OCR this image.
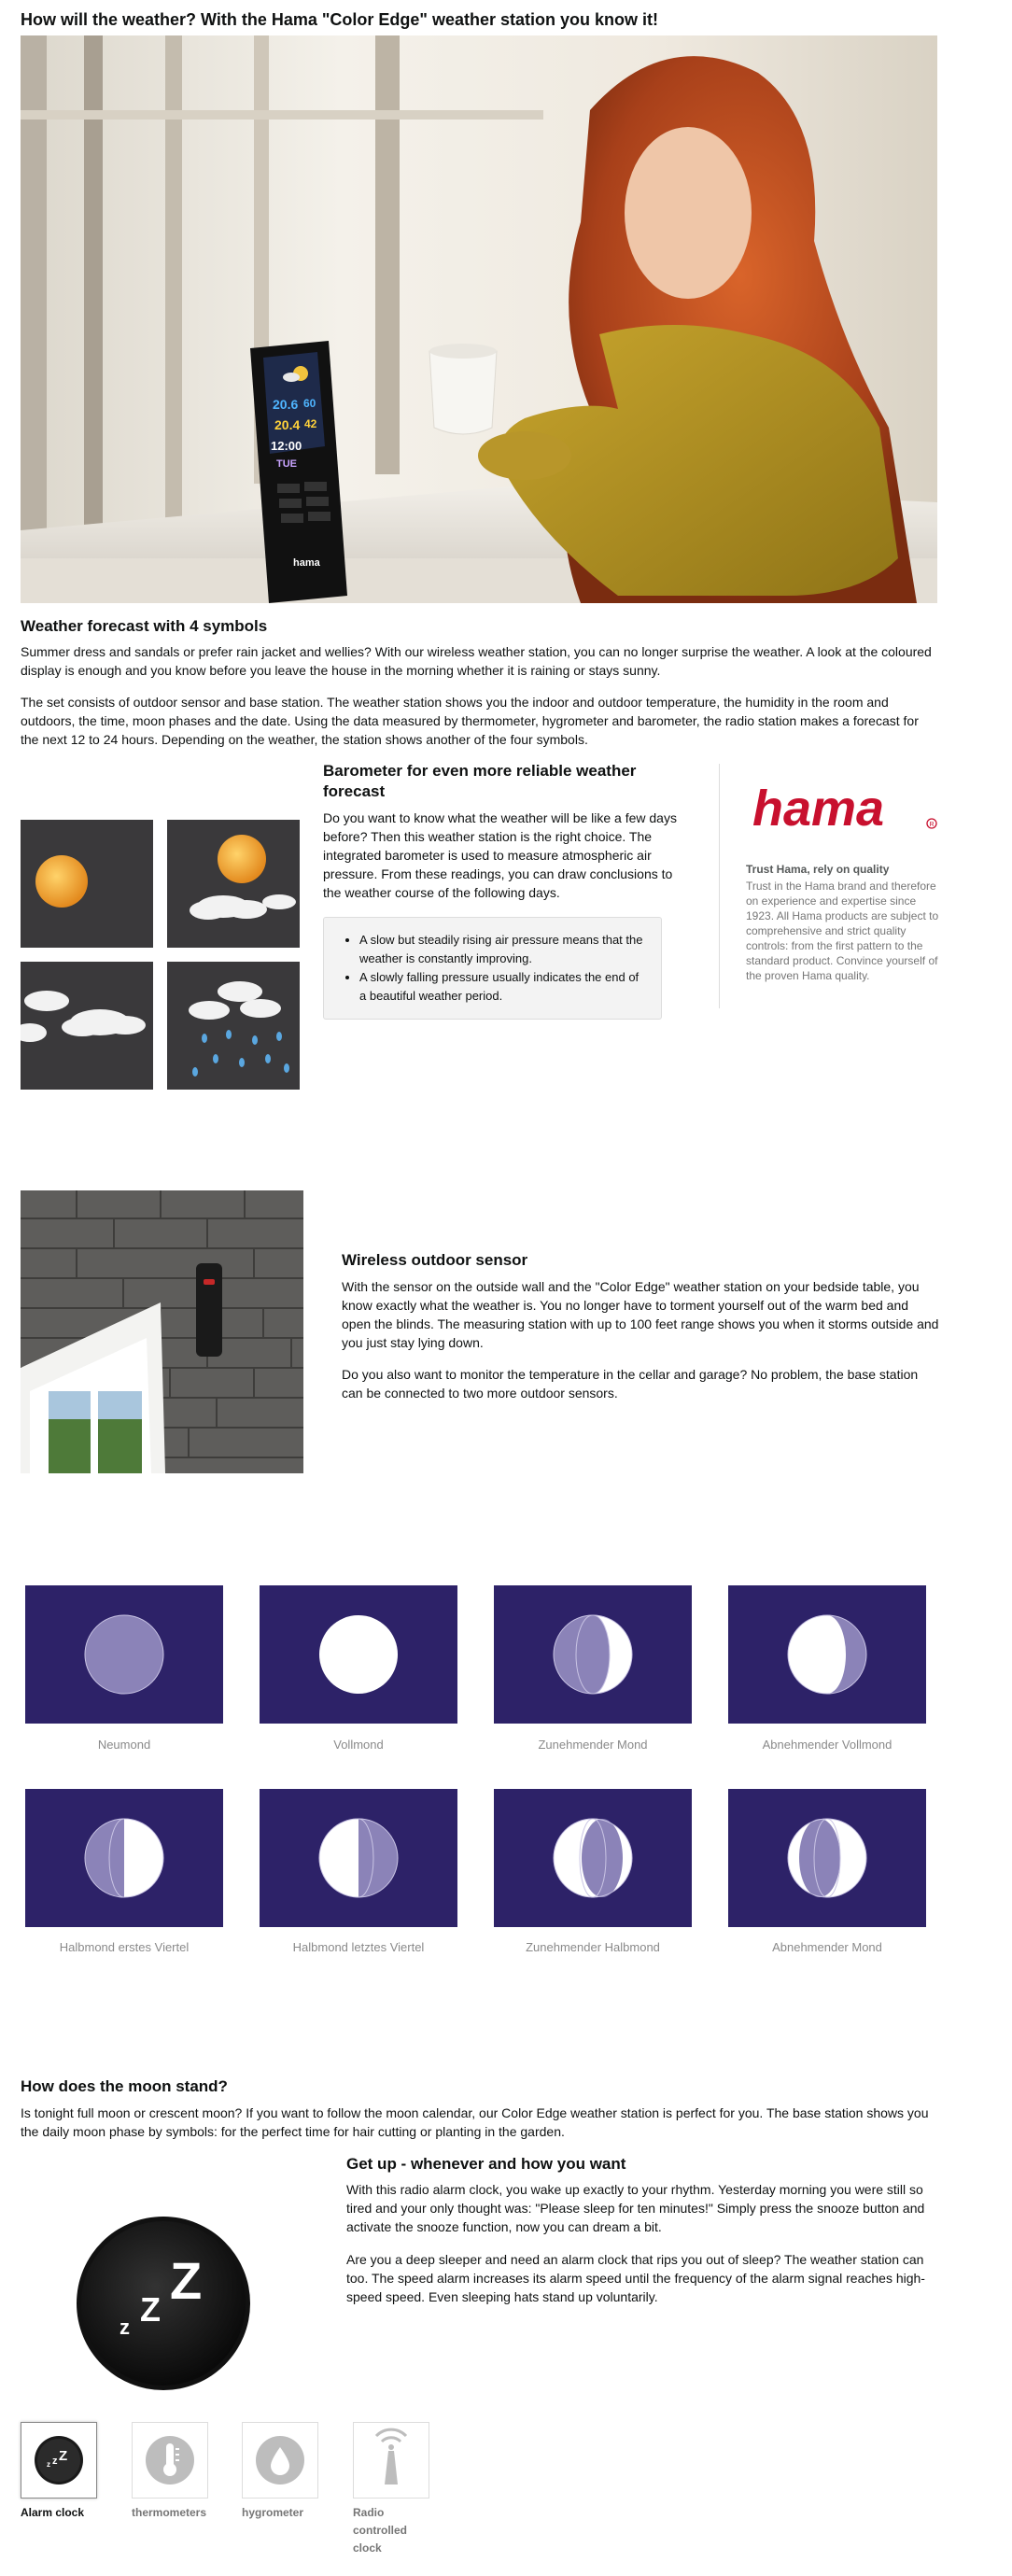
How will the weather? With the Hama "Color Edge" weather station you know it!
20.6 60
20.4 42
12:00
TUE
hama
Weather forecast with 4 symbols

Summer dress and sandals or prefer rain jacket and wellies? With our wireless weather station, you can no longer surprise the weather. A look at the coloured display is enough and you know before you leave the house in the morning whether it is raining or stays sunny.

The set consists of outdoor sensor and base station. The weather station shows you the indoor and outdoor temperature, the humidity in the room and outdoors, the time, moon phases and the date. Using the data measured by thermometer, hygrometer and barometer, the radio station makes a forecast for the next 12 to 24 hours. Depending on the weather, the station shows another of the four symbols.

Barometer for even more reliable weather forecast

Do you want to know what the weather will be like a few days before? Then this weather station is the right choice. The integrated barometer is used to measure atmospheric air pressure. From these readings, you can draw conclusions to the weather course of the following days.

• A slow but steadily rising air pressure means that the weather is constantly improving.
• A slowly falling pressure usually indicates the end of a beautiful weather period.
hama	R
Trust Hama, rely on quality

Trust in the Hama brand and therefore on experience and expertise since 1923. All Hama products are subject to comprehensive and strict quality controls: from the first pattern to the standard product. Convince yourself of the proven Hama quality.

Wireless outdoor sensor

With the sensor on the outside wall and the "Color Edge" weather station on your bedside table, you know exactly what the weather is. You no longer have to torment yourself out of the warm bed and open the blinds. The measuring station with up to 100 feet range shows you when it storms outside and you just stay lying down.

Do you also want to monitor the temperature in the cellar and garage? No problem, the base station can be connected to two more outdoor sensors.

Neumond	Vollmond	Zunehmender Mond	Abnehmender Vollmond
Halbmond erstes Viertel	Halbmond letztes Viertel	Zunehmender Halbmond	Abnehmender Mond
How does the moon stand?

Is tonight full moon or crescent moon? If you want to follow the moon calendar, our Color Edge weather station is perfect for you. The base station shows you the daily moon phase by symbols: for the perfect time for hair cutting or planting in the garden.

z Z Z
Get up - whenever and how you want

With this radio alarm clock, you wake up exactly to your rhythm. Yesterday morning you were still so tired and your only thought was: "Please sleep for ten minutes!" Simply press the snooze button and activate the snooze function, now you can dream a bit.

Are you a deep sleeper and need an alarm clock that rips you out of sleep? The weather station can too. The speed alarm increases its alarm speed until the frequency of the alarm signal reaches high-speed speed. Even sleeping hats stand up voluntarily.

z z Z
Alarm clock	thermometers	hygrometer	Radio controlled clock
